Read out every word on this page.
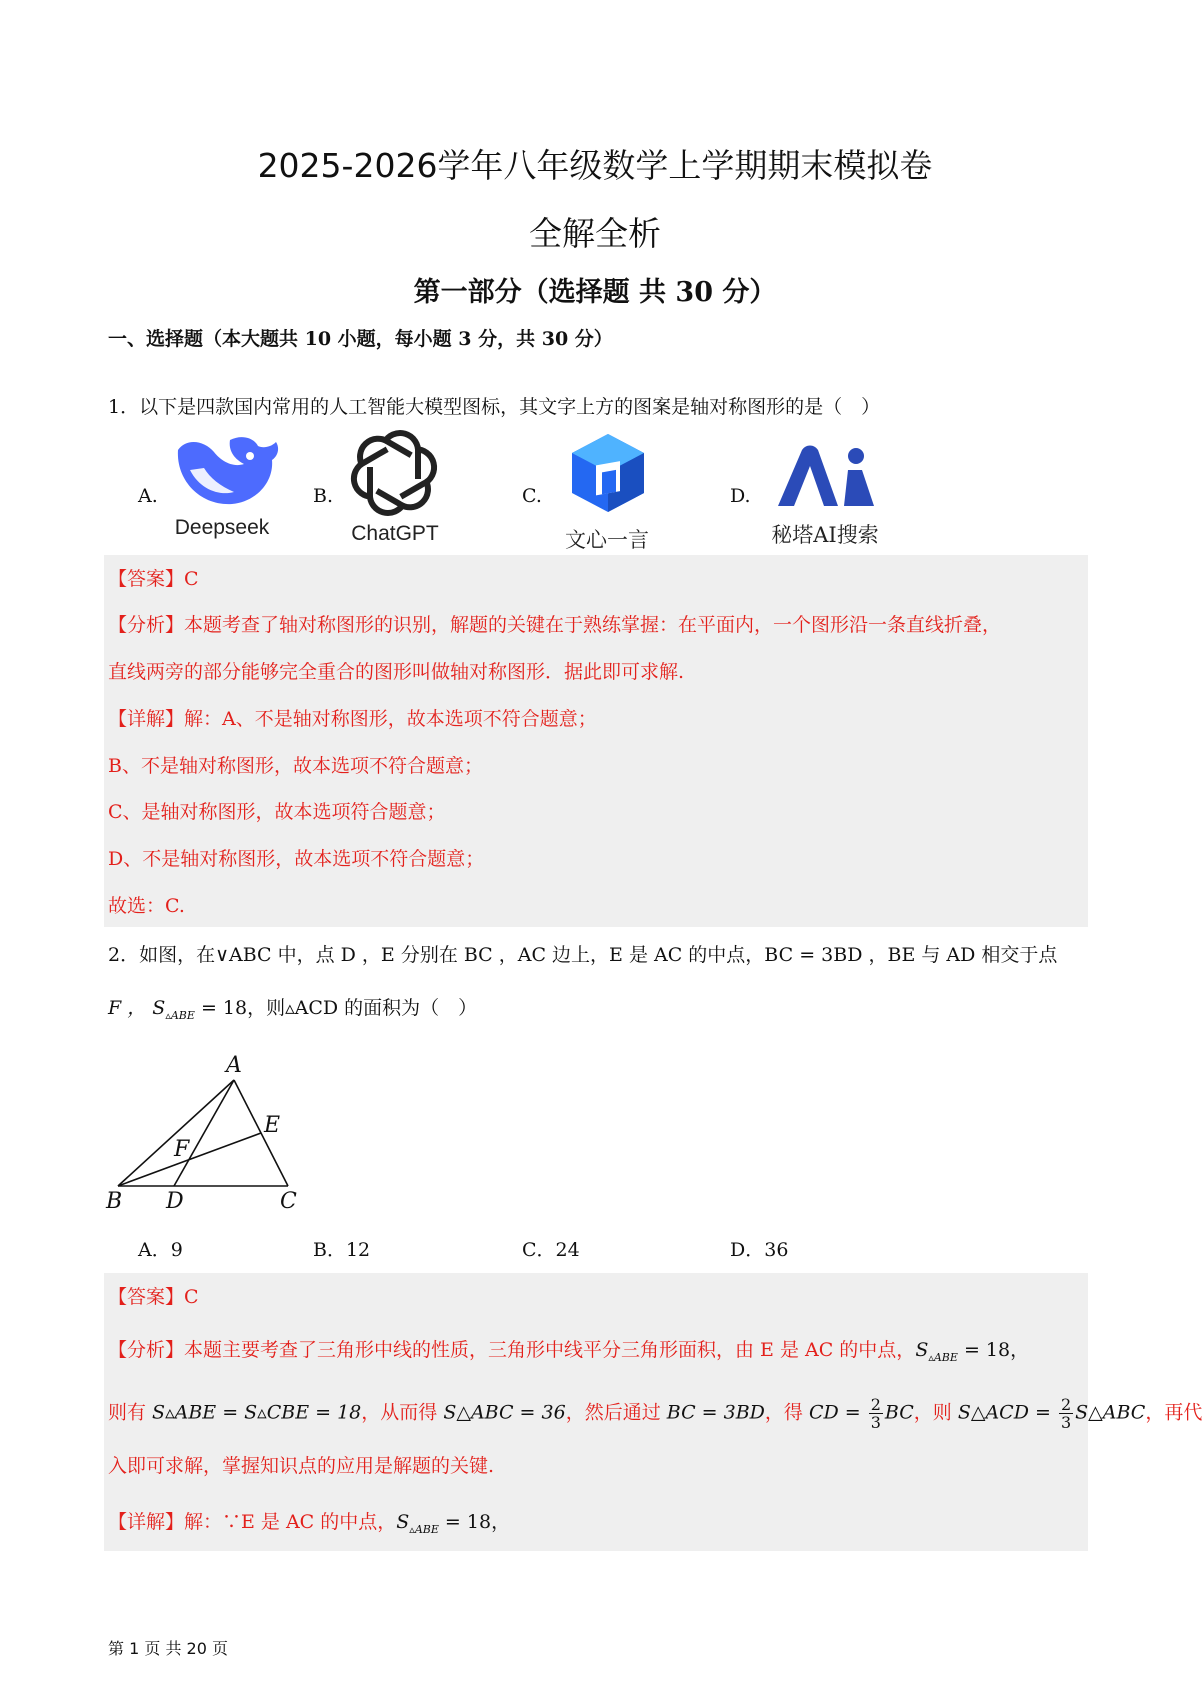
2025-2026学年八年级数学上学期期末模拟卷
全解全析
第一部分（选择题 共 30 分）
一、选择题（本大题共 10 小题，每小题 3 分，共 30 分）
1．以下是四款国内常用的人工智能大模型图标，其文字上方的图案是轴对称图形的是（　）
A.
Deepseek
B.
ChatGPT
C.
文心一言
D.
秘塔AI搜索
【答案】C
【分析】本题考查了轴对称图形的识别，解题的关键在于熟练掌握：在平面内，一个图形沿一条直线折叠，
直线两旁的部分能够完全重合的图形叫做轴对称图形．据此即可求解.
【详解】解：A、不是轴对称图形，故本选项不符合题意；
B、不是轴对称图形，故本选项不符合题意；
C、是轴对称图形，故本选项符合题意；
D、不是轴对称图形，故本选项不符合题意；
故选：C.
2．如图，在∨ABC 中，点 D ，E 分别在 BC ，AC 边上，E 是 AC 的中点，BC = 3BD ，BE 与 AD 相交于点
F ， $S_{▵ABE} = 18$，则▵ACD 的面积为（　）
A
B	C
D
E
F
A．9	B．12	C．24	D．36
【答案】C
【分析】本题主要考查了三角形中线的性质，三角形中线平分三角形面积，由 E 是 AC 的中点，$S_{▵ABE} = 18$，
则有 S▵ABE = S▵CBE = 18，从而得 S△ABC = 36，然后通过 BC = 3BD，得 CD = $\frac{2}{3}$ BC，则 S△ACD = $\frac{2}{3}$ S△ABC，再代
入即可求解，掌握知识点的应用是解题的关键.
【详解】解：∵E 是 AC 的中点，$S_{▵ABE} = 18$，
第 1 页 共 20 页
